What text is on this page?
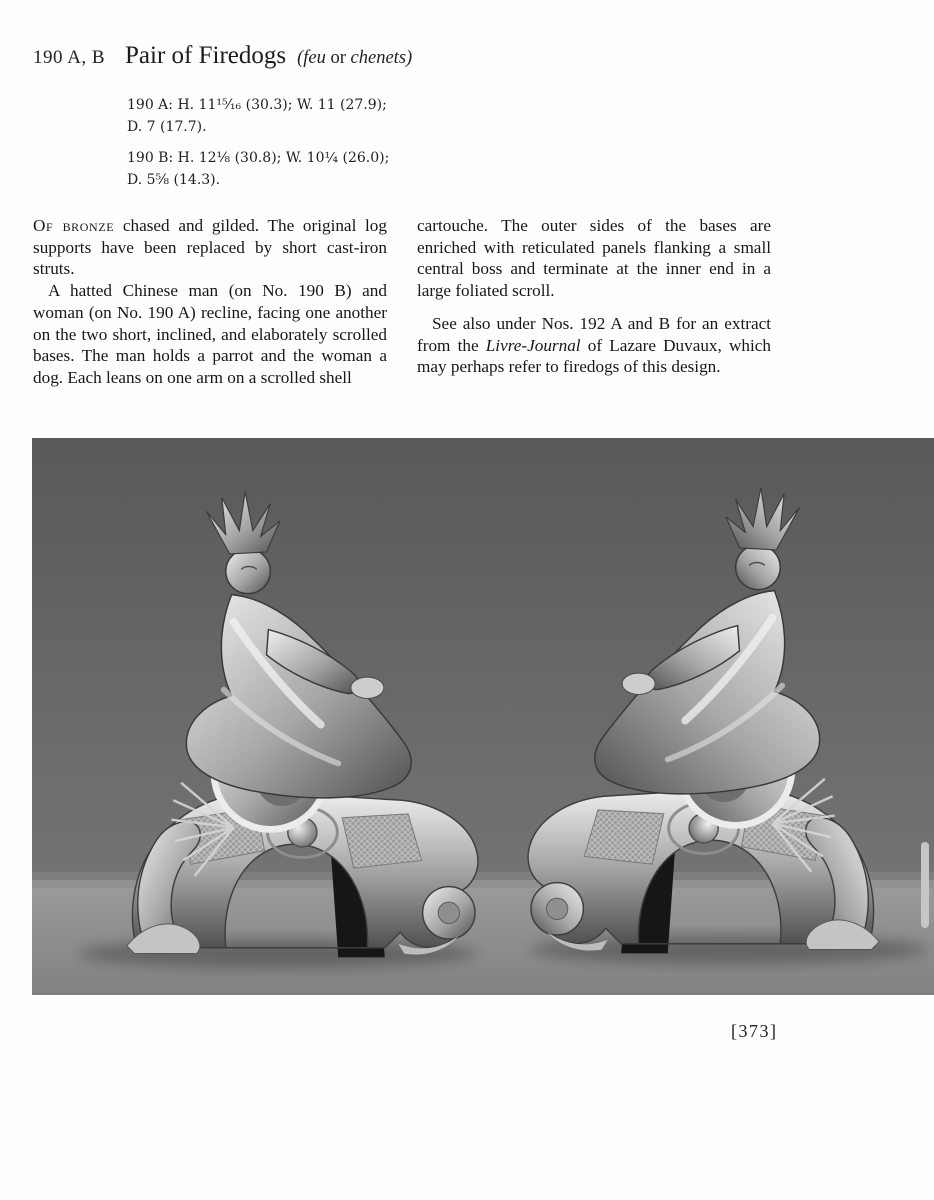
190 A, B Pair of Firedogs (feu or chenets)

190 A: H. 11¹⁵⁄₁₆ (30.3); W. 11 (27.9);
D. 7 (17.7).

190 B: H. 12⅛ (30.8); W. 10¼ (26.0);
D. 5⅝ (14.3).

Of bronze chased and gilded. The original log supports have been replaced by short cast-iron struts.

A hatted Chinese man (on No. 190 B) and woman (on No. 190 A) recline, facing one another on the two short, inclined, and elaborately scrolled bases. The man holds a parrot and the woman a dog. Each leans on one arm on a scrolled shell

cartouche. The outer sides of the bases are enriched with reticulated panels flanking a small central boss and terminate at the inner end in a large foliated scroll.

See also under Nos. 192 A and B for an extract from the Livre-Journal of Lazare Duvaux, which may perhaps refer to firedogs of this design.

[373]
